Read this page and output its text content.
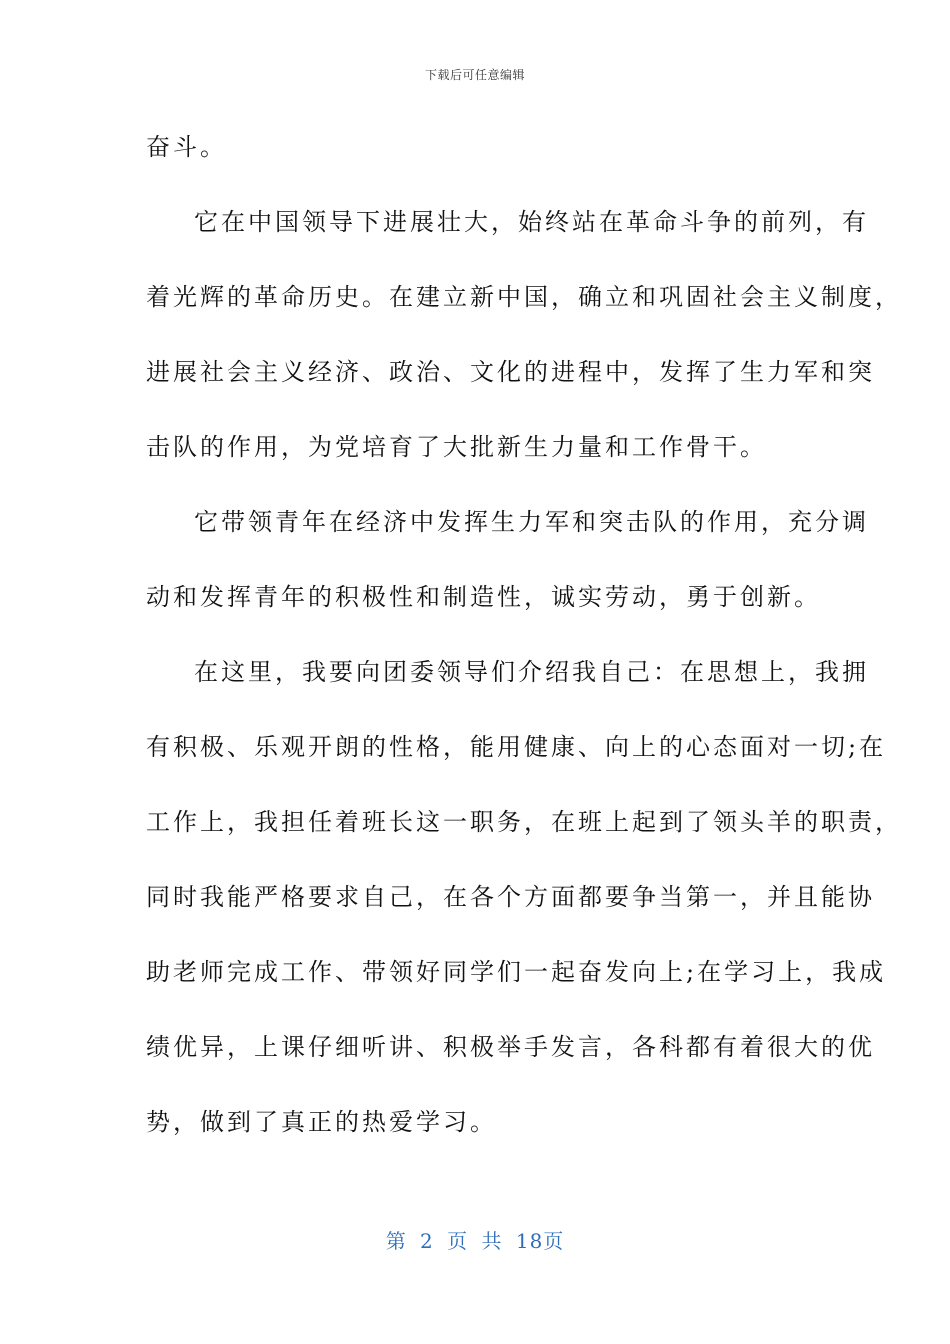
下载后可任意编辑
奋斗。
它在中国领导下进展壮大，始终站在革命斗争的前列，有
着光辉的革命历史。在建立新中国，确立和巩固社会主义制度，
进展社会主义经济、政治、文化的进程中，发挥了生力军和突
击队的作用，为党培育了大批新生力量和工作骨干。
它带领青年在经济中发挥生力军和突击队的作用，充分调
动和发挥青年的积极性和制造性，诚实劳动，勇于创新。
在这里，我要向团委领导们介绍我自己：在思想上，我拥
有积极、乐观开朗的性格，能用健康、向上的心态面对一切;在
工作上，我担任着班长这一职务，在班上起到了领头羊的职责，
同时我能严格要求自己，在各个方面都要争当第一，并且能协
助老师完成工作、带领好同学们一起奋发向上;在学习上，我成
绩优异，上课仔细听讲、积极举手发言，各科都有着很大的优
势，做到了真正的热爱学习。
第 2 页 共 18页
